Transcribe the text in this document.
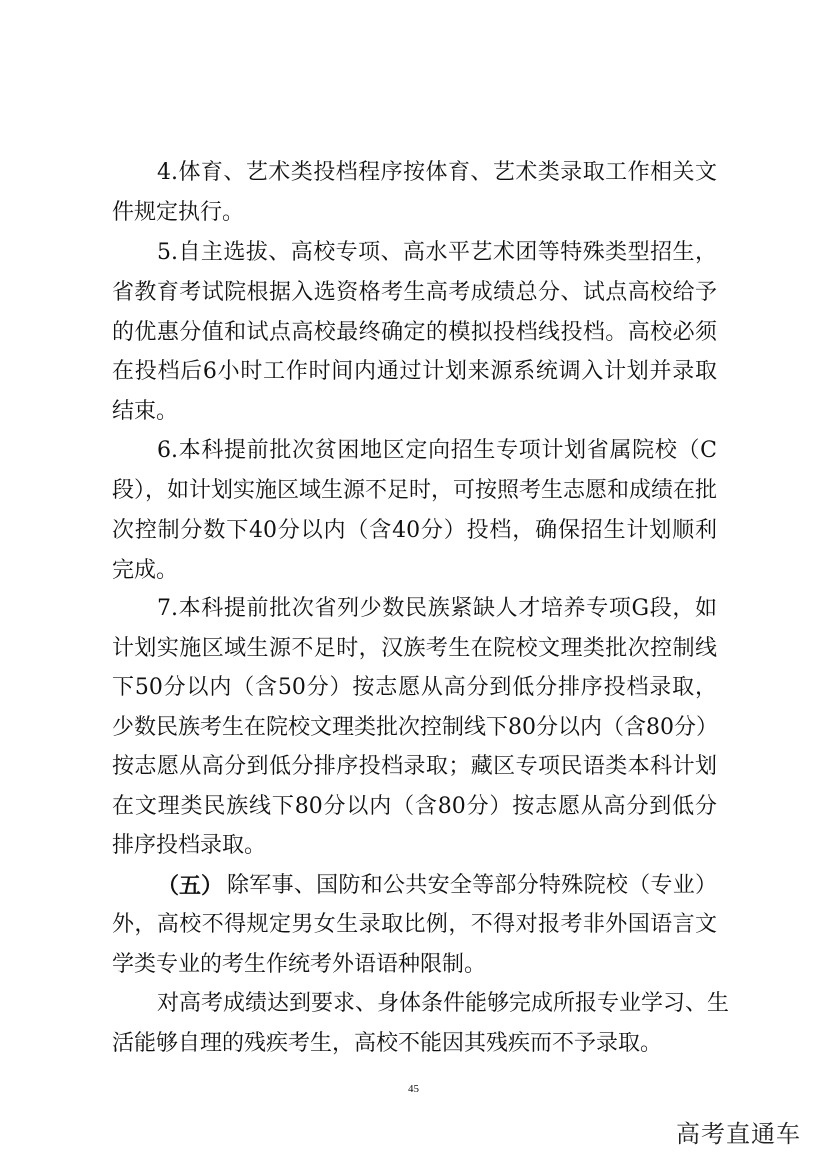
4.体育、艺术类投档程序按体育、艺术类录取工作相关文
件规定执行。
5.自主选拔、高校专项、高水平艺术团等特殊类型招生，
省教育考试院根据入选资格考生高考成绩总分、试点高校给予
的优惠分值和试点高校最终确定的模拟投档线投档。高校必须
在投档后6小时工作时间内通过计划来源系统调入计划并录取
结束。
6.本科提前批次贫困地区定向招生专项计划省属院校（C
段），如计划实施区域生源不足时，可按照考生志愿和成绩在批
次控制分数下40分以内（含40分）投档，确保招生计划顺利
完成。
7.本科提前批次省列少数民族紧缺人才培养专项G段，如
计划实施区域生源不足时，汉族考生在院校文理类批次控制线
下50分以内（含50分）按志愿从高分到低分排序投档录取，
少数民族考生在院校文理类批次控制线下80分以内（含80分）
按志愿从高分到低分排序投档录取；藏区专项民语类本科计划
在文理类民族线下80分以内（含80分）按志愿从高分到低分
排序投档录取。
（五） 除军事、国防和公共安全等部分特殊院校（专业）
外，高校不得规定男女生录取比例，不得对报考非外国语言文
学类专业的考生作统考外语语种限制。
对高考成绩达到要求、身体条件能够完成所报专业学习、生
活能够自理的残疾考生，高校不能因其残疾而不予录取。
45
高考直通车
